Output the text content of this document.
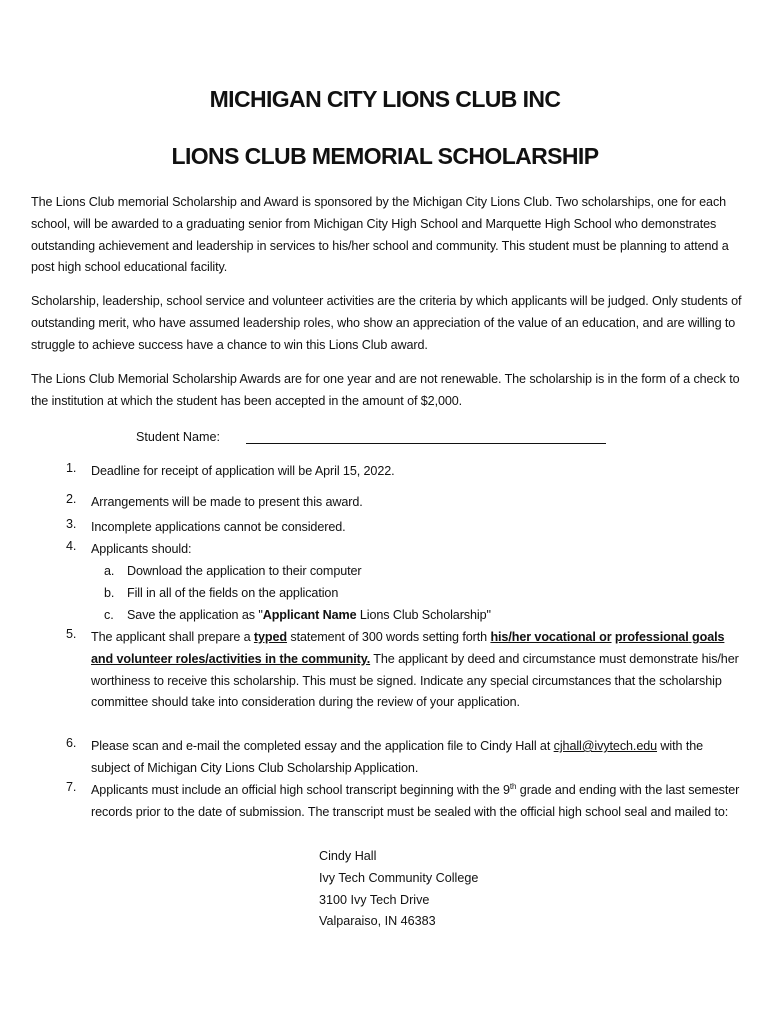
MICHIGAN CITY LIONS CLUB INC
LIONS CLUB MEMORIAL SCHOLARSHIP

The Lions Club memorial Scholarship and Award is sponsored by the Michigan City Lions Club. Two scholarships, one for each school, will be awarded to a graduating senior from Michigan City High School and Marquette High School who demonstrates outstanding achievement and leadership in services to his/her school and community. This student must be planning to attend a post high school educational facility.

Scholarship, leadership, school service and volunteer activities are the criteria by which applicants will be judged. Only students of outstanding merit, who have assumed leadership roles, who show an appreciation of the value of an education, and are willing to struggle to achieve success have a chance to win this Lions Club award.

The Lions Club Memorial Scholarship Awards are for one year and are not renewable. The scholarship is in the form of a check to the institution at which the student has been accepted in the amount of $2,000.

Student Name:
1.	Deadline for receipt of application will be April 15, 2022.
2.	Arrangements will be made to present this award.
3.	Incomplete applications cannot be considered.
4.	Applicants should:
a. Download the application to their computer
b. Fill in all of the fields on the application
c. Save the application as "Applicant Name Lions Club Scholarship"
5.	The applicant shall prepare a typed statement of 300 words setting forth his/her vocational or professional goals and volunteer roles/activities in the community. The applicant by deed and circumstance must demonstrate his/her worthiness to receive this scholarship. This must be signed. Indicate any special circumstances that the scholarship committee should take into consideration during the review of your application.
6.	Please scan and e-mail the completed essay and the application file to Cindy Hall at cjhall@ivytech.edu with the subject of Michigan City Lions Club Scholarship Application.
7.	Applicants must include an official high school transcript beginning with the 9th grade and ending with the last semester records prior to the date of submission. The transcript must be sealed with the official high school seal and mailed to:
Cindy Hall
Ivy Tech Community College
3100 Ivy Tech Drive
Valparaiso, IN 46383
